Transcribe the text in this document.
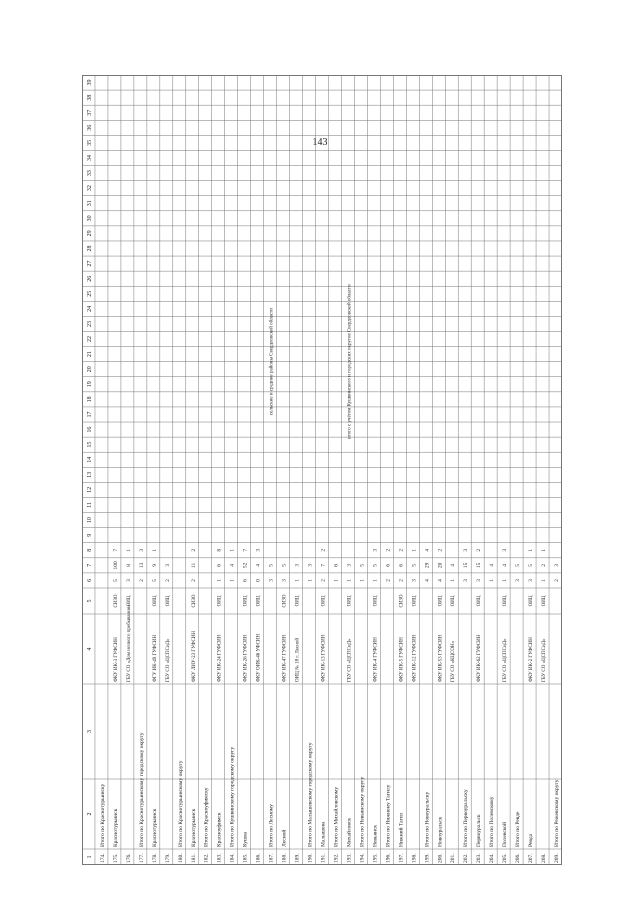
143
1
2
3
4
5
6
7
8
9
10
11
12
13
14
15
16
17
18
19
20
21
22
23
24
25
26
27
28
29
30
31
32
33
34
35
36
37
38
39
174.
Итого по Краснотурьинску
175.
Краснотурьинск
ФКУ ИК-3 ГУФСИН
СИЗО
5
100
7
176.
ГБУ СО «Дом ночного пребывания»
ОИЦ
3
8
1
177.
Итого по Краснотурьинскому городскому округу
2
13
3
178.
Краснотурьинск
ФГУ ИК-49 ГУФСИН
ОИЦ
5
9
1
179.
ГБУ СО «ЦСПСиД»
ОИЦ
2
3
180.
Итого по Краснотурьинскому округу
181.
Краснотурьинск
ФКУ ЛИУ-23 ГУФСИН
СИЗО
2
11
2
182.
Итого по Красноуфимску
183.
Красноуфимск
ФКУ ИК-24 ГУФСИН
ОИЦ
1
6
8
184.
Итого по Кушвинскому городскому округу
1
4
1
185.
Кушва
ФКУ ИК-26 ГУФСИН
ОИЦ
6
52
7
186.
ФКУ ОИК-46 УФСИН
ОИЦ
0
4
3
187.
Итого по Лесному
3
5
188.
Лесной
ФКУ ИК-47 ГУФСИН
СИЗО
3
5
189.
ОИЦ № 18 г. Лесной
ОИЦ
1
3
190.
Итого по Малышевскому городскому округу
1
3
191.
Малышева
ФКУ ИК-13 ГУФСИН
ОИЦ
2
7
2
192.
Итого по Михайловскому
1
6
193.
Михайловск
ГБУ СО «ЦСПСиД»
ОИЦ
1
3
194.
Итого по Невьянскому округу
1
5
195.
Невьянск
ФКУ ИК-4 ГУФСИН
ОИЦ
1
5
3
196.
Итого по Нижнему Тагилу
2
6
2
197.
Нижний Тагил
ФКУ ИК-5 ГУФСИН
СИЗО
2
6
2
198.
ФКУ ИК-12 ГУФСИН
ОИЦ
3
5
1
199.
Итого по Новоуральску
4
29
4
200.
Новоуральск
ФКУ ИК-53 ГУФСИН
ОИЦ
4
20
2
201.
ГБУ СО «КЦСОН»
ОИЦ
1
4
202.
Итого по Первоуральску
3
15
3
203.
Первоуральск
ФКУ ИК-62 ГУФСИН
ОИЦ
3
15
2
204.
Итого по Полевскому
1
4
205.
Полевской
ГБУ СО «ЦСПСиД»
ОИЦ
1
4
3
206.
Итого по Ревде
3
5
207.
Ревда
ФКУ ИК-2 ГУФСИН
ОИЦ
3
5
1
208.
ГБУ СО «ЦСПСиД»
ОИЦ
1
2
1
209.
Итого по Режевскому округу
2
3
сельские и средние районы Свердловской области	итого с учётом Кушвинского и городских округов Свердловской области
